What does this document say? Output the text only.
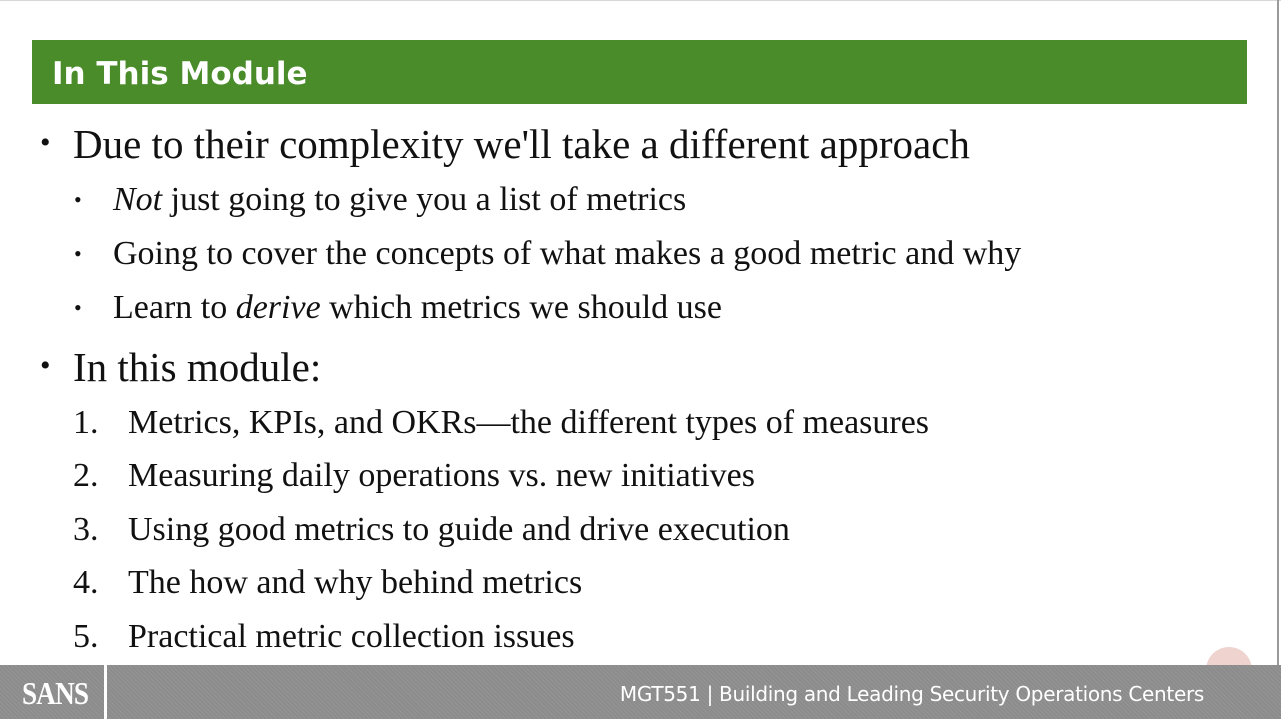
In This Module
• Due to their complexity we'll take a different approach
• Not just going to give you a list of metrics
• Going to cover the concepts of what makes a good metric and why
• Learn to derive which metrics we should use
• In this module:
1. Metrics, KPIs, and OKRs—the different types of measures
2. Measuring daily operations vs. new initiatives
3. Using good metrics to guide and drive execution
4. The how and why behind metrics
5. Practical metric collection issues
SANS	MGT551 | Building and Leading Security Operations Centers
